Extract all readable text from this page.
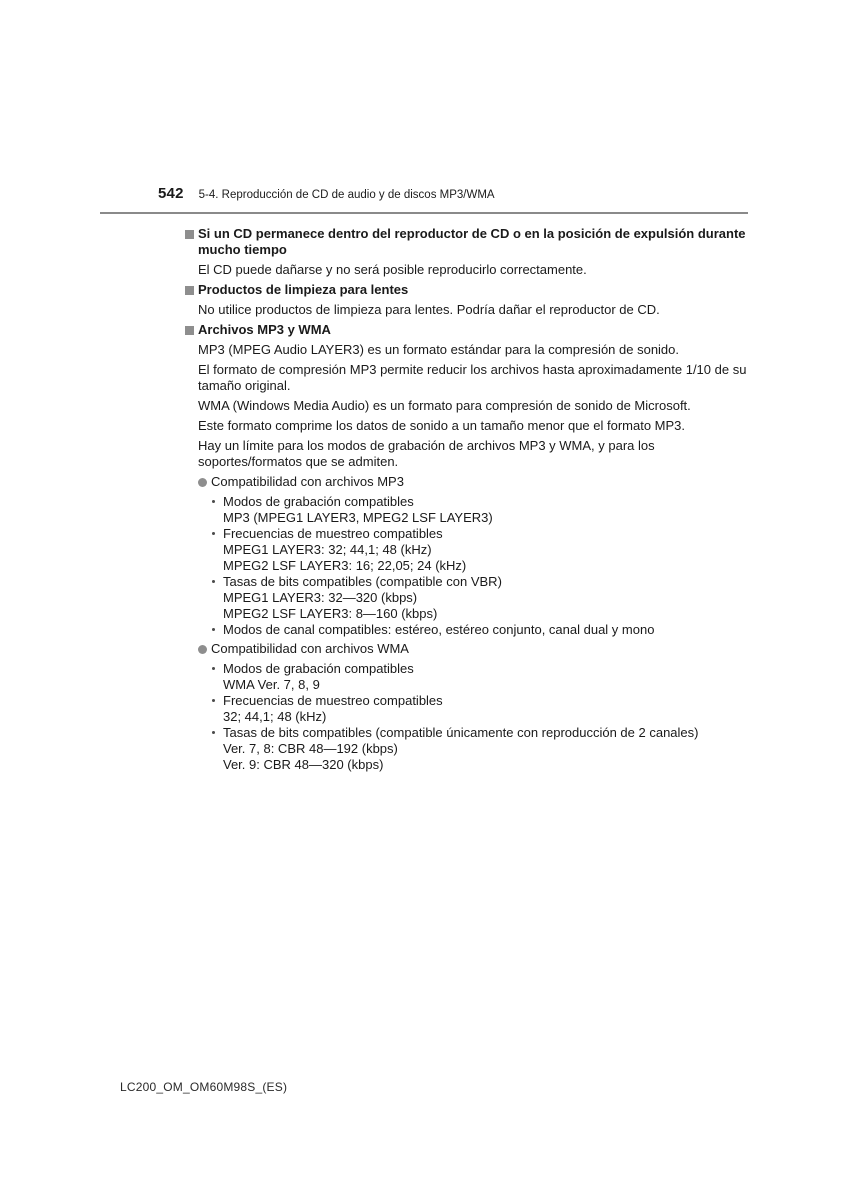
542 5-4. Reproducción de CD de audio y de discos MP3/WMA
Si un CD permanece dentro del reproductor de CD o en la posición de expulsión durante mucho tiempo
El CD puede dañarse y no será posible reproducirlo correctamente.
Productos de limpieza para lentes
No utilice productos de limpieza para lentes. Podría dañar el reproductor de CD.
Archivos MP3 y WMA
MP3 (MPEG Audio LAYER3) es un formato estándar para la compresión de sonido.
El formato de compresión MP3 permite reducir los archivos hasta aproximadamente 1/10 de su tamaño original.
WMA (Windows Media Audio) es un formato para compresión de sonido de Microsoft.
Este formato comprime los datos de sonido a un tamaño menor que el formato MP3.
Hay un límite para los modos de grabación de archivos MP3 y WMA, y para los soportes/formatos que se admiten.
Compatibilidad con archivos MP3
Modos de grabación compatibles
MP3 (MPEG1 LAYER3, MPEG2 LSF LAYER3)
Frecuencias de muestreo compatibles
MPEG1 LAYER3: 32; 44,1; 48 (kHz)
MPEG2 LSF LAYER3: 16; 22,05; 24 (kHz)
Tasas de bits compatibles (compatible con VBR)
MPEG1 LAYER3: 32—320 (kbps)
MPEG2 LSF LAYER3: 8—160 (kbps)
Modos de canal compatibles: estéreo, estéreo conjunto, canal dual y mono
Compatibilidad con archivos WMA
Modos de grabación compatibles
WMA Ver. 7, 8, 9
Frecuencias de muestreo compatibles
32; 44,1; 48 (kHz)
Tasas de bits compatibles (compatible únicamente con reproducción de 2 canales)
Ver. 7, 8: CBR 48—192 (kbps)
Ver. 9: CBR 48—320 (kbps)
LC200_OM_OM60M98S_(ES)
